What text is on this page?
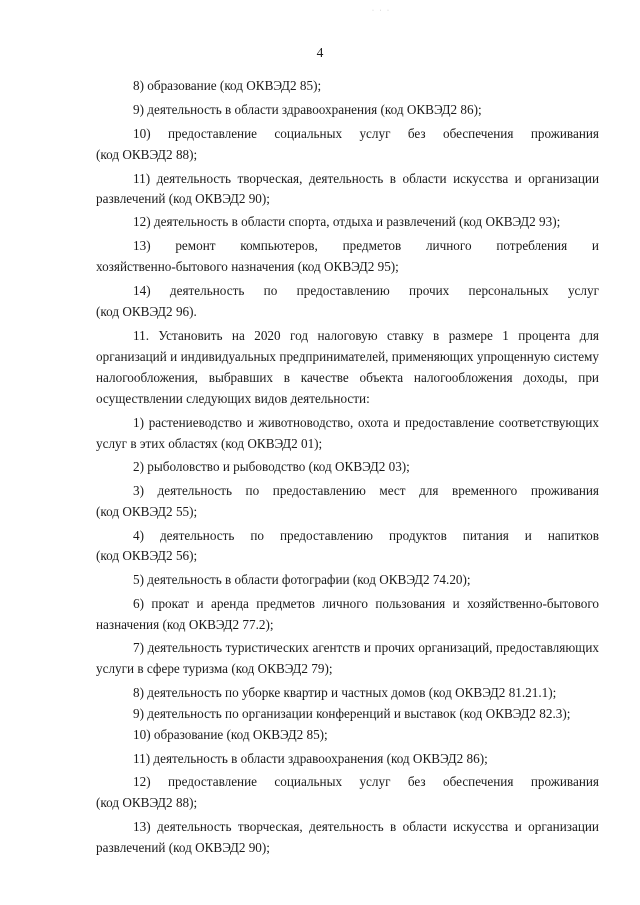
· · ·
4
8) образование (код ОКВЭД2 85);
9) деятельность в области здравоохранения (код ОКВЭД2 86);
10) предоставление социальных услуг без обеспечения проживания
(код ОКВЭД2 88);
11) деятельность творческая, деятельность в области искусства и организации
развлечений (код ОКВЭД2 90);
12) деятельность в области спорта, отдыха и развлечений (код ОКВЭД2 93);
13) ремонт компьютеров, предметов личного потребления и
хозяйственно-бытового назначения (код ОКВЭД2 95);
14) деятельность по предоставлению прочих персональных услуг
(код ОКВЭД2 96).
11. Установить на 2020 год налоговую ставку в размере 1 процента для
организаций и индивидуальных предпринимателей, применяющих упрощенную систему
налогообложения, выбравших в качестве объекта налогообложения доходы, при
осуществлении следующих видов деятельности:
1) растениеводство и животноводство, охота и предоставление соответствующих
услуг в этих областях (код ОКВЭД2 01);
2) рыболовство и рыбоводство (код ОКВЭД2 03);
3) деятельность по предоставлению мест для временного проживания
(код ОКВЭД2 55);
4) деятельность по предоставлению продуктов питания и напитков
(код ОКВЭД2 56);
5) деятельность в области фотографии (код ОКВЭД2 74.20);
6) прокат и аренда предметов личного пользования и хозяйственно-бытового
назначения (код ОКВЭД2 77.2);
7) деятельность туристических агентств и прочих организаций, предоставляющих
услуги в сфере туризма (код ОКВЭД2 79);
8) деятельность по уборке квартир и частных домов (код ОКВЭД2 81.21.1);
9) деятельность по организации конференций и выставок (код ОКВЭД2 82.3);
10) образование (код ОКВЭД2 85);
11) деятельность в области здравоохранения (код ОКВЭД2 86);
12) предоставление социальных услуг без обеспечения проживания
(код ОКВЭД2 88);
13) деятельность творческая, деятельность в области искусства и организации
развлечений (код ОКВЭД2 90);
